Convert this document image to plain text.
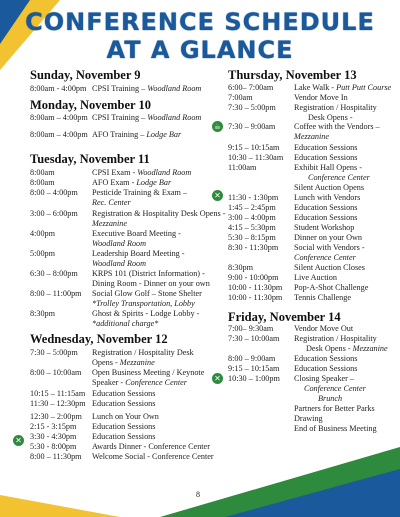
CONFERENCE SCHEDULE
AT A GLANCE
Sunday, November 9
8:00am - 4:00pm CPSI Training – Woodland Room
Monday, November 10
8:00am – 4:00pm CPSI Training – Woodland Room
8:00am – 4:00pm AFO Training – Lodge Bar
Tuesday, November 11
8:00am	CPSI Exam - Woodland Room
8:00am	AFO Exam - Lodge Bar
8:00 – 4:00pm Pesticide Training & Exam –
Rec. Center
3:00 – 6:00pm Registration & Hospitality Desk Opens -
Mezzanine
4:00pm	Executive Board Meeting -
Woodland Room
5:00pm	Leadership Board Meeting -
Woodland Room
6:30 – 8:00pm KRPS 101 (District Information) -
Dining Room - Dinner on your own
8:00 – 11:00pm Social Glow Golf – Stone Shelter
*Trolley Transportation, Lobby
8:30pm	Ghost & Spirits - Lodge Lobby -
*additional charge*
Wednesday, November 12
7:30 – 5:00pm Registration / Hospitality Desk
Opens - Mezzanine
8:00 – 10:00am Open Business Meeting / Keynote
Speaker - Conference Center
10:15 – 11:15am Education Sessions
11:30 – 12:30pm Education Sessions
12:30 – 2:00pm Lunch on Your Own
2:15 - 3:15pm Education Sessions
3:30 - 4:30pm Education Sessions
✕
5:30 - 8:00pm Awards Dinner - Conference Center
8:00 – 11:30pm Welcome Social - Conference Center
Thursday, November 13
6:00– 7:00am	Lake Walk - Putt Putt Course
7:00am	Vendor Move In
7:30 – 5:00pm Registration / Hospitality
Desk Opens -
☕ 7:30 – 9:00am Coffee with the Vendors –
Mezzanine
9:15 – 10:15am Education Sessions
10:30 – 11:30am Education Sessions
11:00am	Exhibit Hall Opens -
Conference Center
Silent Auction Opens
✕ 11:30 - 1:30pm Lunch with Vendors
1:45 – 2:45pm Education Sessions
3:00 – 4:00pm Education Sessions
4:15 – 5:30pm Student Workshop
5:30 – 8:15pm Dinner on your Own
8:30 - 11:30pm Social with Vendors -
Conference Center
8:30pm	Silent Auction Closes
9:00 - 10:00pm Live Auction
10:00 - 11:30pm Pop-A-Shot Challenge
10:00 - 11:30pm Tennis Challenge
Friday, November 14
7:00– 9:30am	Vendor Move Out
7:30 – 10:00am Registration / Hospitality
Desk Opens - Mezzanine
8:00 – 9:00am Education Sessions
9:15 – 10:15am Education Sessions
✕ 10:30 – 1:00pm Closing Speaker –
Conference Center
Brunch
Partners for Better Parks
Drawing
End of Business Meeting
8
